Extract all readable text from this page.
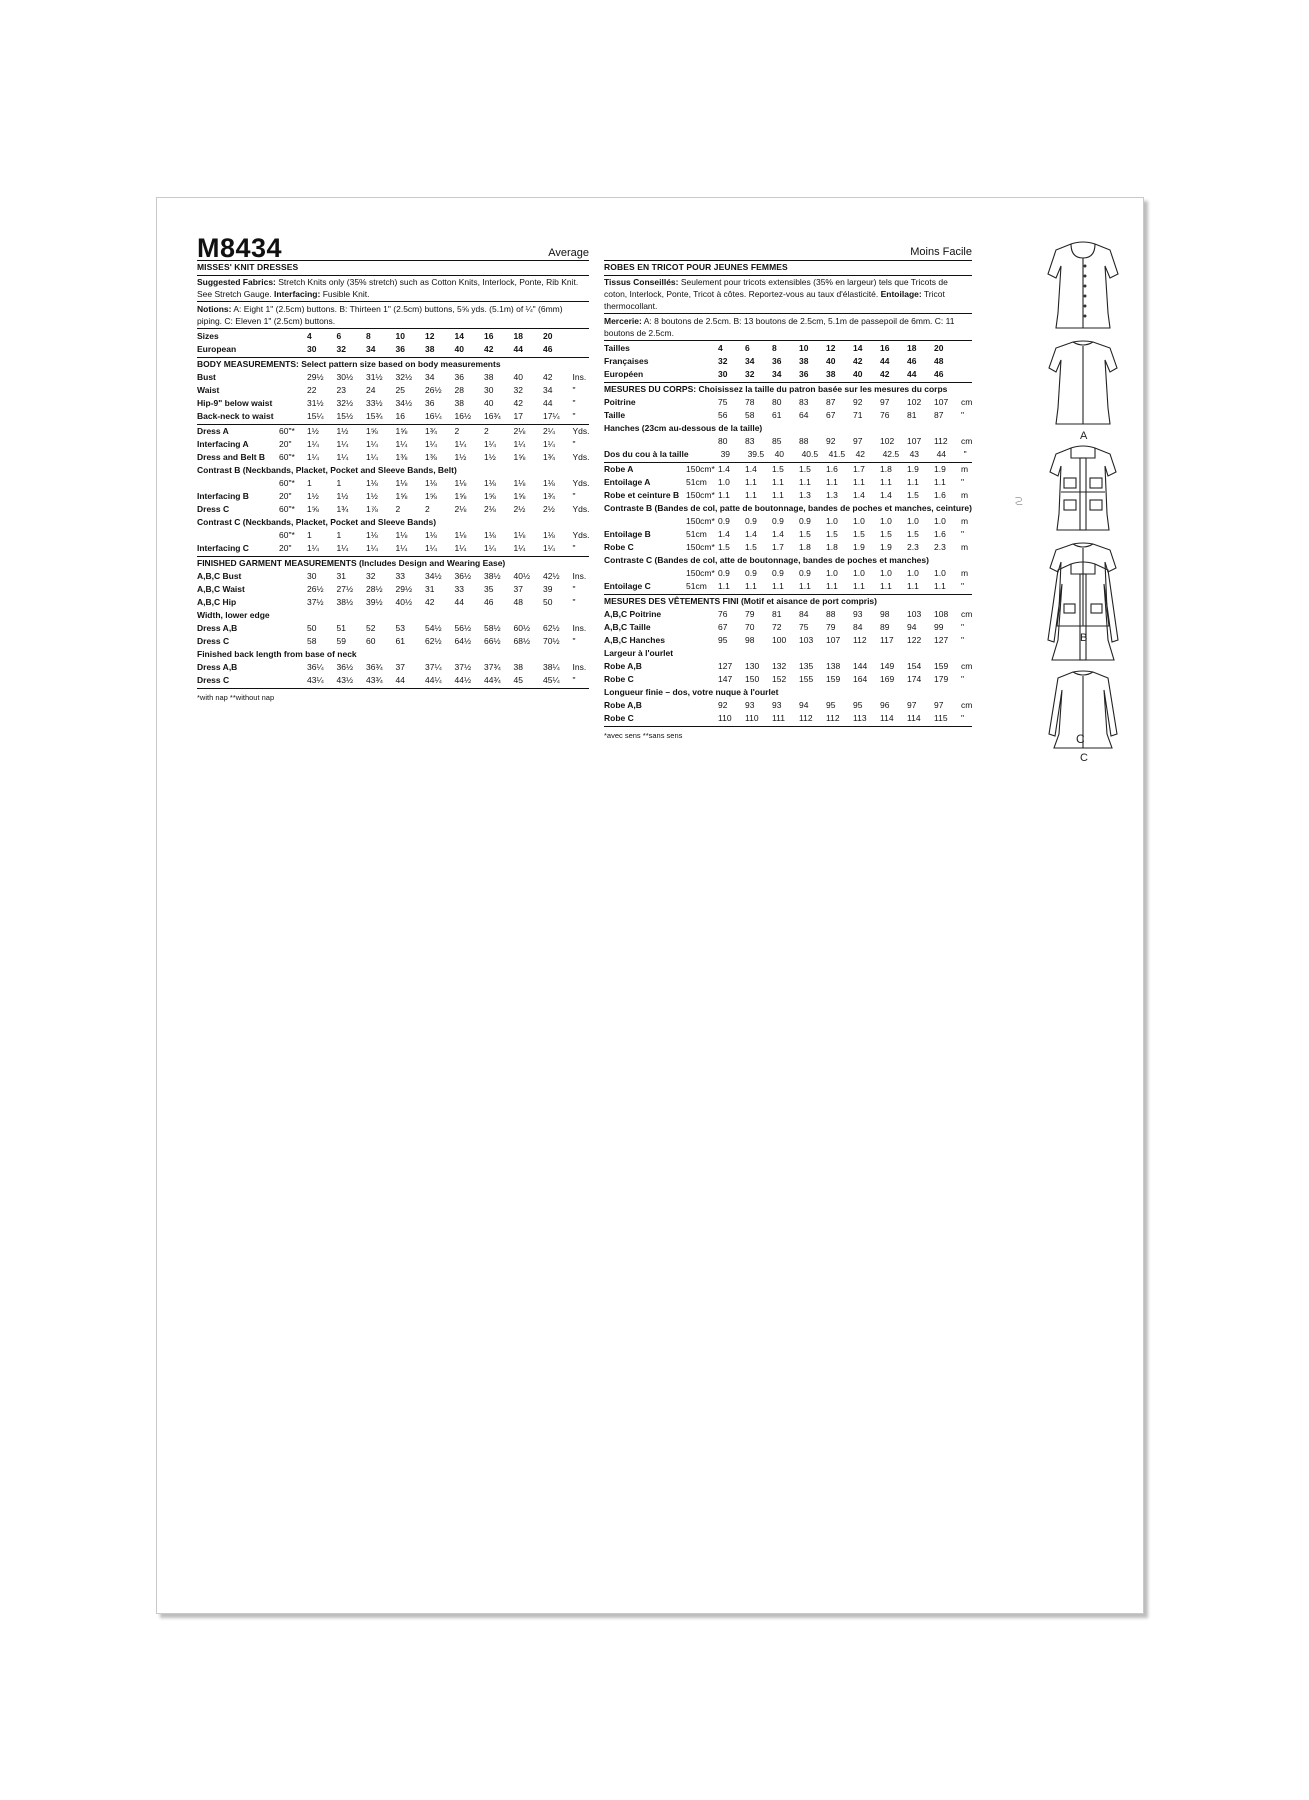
M8434	Average
MISSES' KNIT DRESSES
Suggested Fabrics: Stretch Knits only (35% stretch) such as Cotton Knits, Interlock, Ponte, Rib Knit. See Stretch Gauge. Interfacing: Fusible Knit.
Notions: A: Eight 1" (2.5cm) buttons. B: Thirteen 1" (2.5cm) buttons, 5⅝ yds. (5.1m) of ¼" (6mm) piping. C: Eleven 1" (2.5cm) buttons.
Sizes	4	6	8	10	12	14	16	18	20
European	30	32	34	36	38	40	42	44	46
BODY MEASUREMENTS: Select pattern size based on body measurements
Bust	29½	30½	31½	32½	34	36	38	40	42	Ins.
Waist	22	23	24	25	26½	28	30	32	34	"
Hip-9" below waist	31½	32½	33½	34½	36	38	40	42	44	"
Back-neck to waist	15¼	15½	15¾	16	16¼	16½	16¾	17	17¼	"
Dress A	60"*	1½	1½	1⅝	1⅝	1¾	2	2	2⅛	2¼	Yds.
Interfacing A	20"	1¼	1¼	1¼	1¼	1¼	1¼	1¼	1¼	1¼	"
Dress and Belt B	60"*	1¼	1¼	1¼	1⅜	1⅜	1½	1½	1⅝	1¾	Yds.
Contrast B (Neckbands, Placket, Pocket and Sleeve Bands, Belt)
60"*	1	1	1⅛	1⅛	1⅛	1⅛	1⅛	1⅛	1⅛	Yds.
Interfacing B	20"	1½	1½	1½	1⅝	1⅝	1⅝	1⅝	1⅝	1¾	"
Dress C	60"*	1⅝	1¾	1⅞	2	2	2⅛	2⅛	2½	2½	Yds.
Contrast C (Neckbands, Placket, Pocket and Sleeve Bands)
60"*	1	1	1⅛	1⅛	1⅛	1⅛	1⅛	1⅛	1⅛	Yds.
Interfacing C	20"	1¼	1¼	1¼	1¼	1¼	1¼	1¼	1¼	1¼	"
FINISHED GARMENT MEASUREMENTS (Includes Design and Wearing Ease)
A,B,C Bust	30	31	32	33	34½	36½	38½	40½	42½	Ins.
A,B,C Waist	26½	27½	28½	29½	31	33	35	37	39	"
A,B,C Hip	37½	38½	39½	40½	42	44	46	48	50	"
Width, lower edge
Dress A,B	50	51	52	53	54½	56½	58½	60½	62½	Ins.
Dress C	58	59	60	61	62½	64½	66½	68½	70½	"
Finished back length from base of neck
Dress A,B	36¼	36½	36¾	37	37¼	37½	37¾	38	38¼	Ins.
Dress C	43¼	43½	43¾	44	44¼	44½	44¾	45	45¼	"
*with nap **without nap
Moins Facile
ROBES EN TRICOT POUR JEUNES FEMMES
Tissus Conseillés: Seulement pour tricots extensibles (35% en largeur) tels que Tricots de coton, Interlock, Ponte, Tricot à côtes. Reportez-vous au taux d'élasticité. Entoilage: Tricot thermocollant.
Mercerie: A: 8 boutons de 2.5cm. B: 13 boutons de 2.5cm, 5.1m de passepoil de 6mm. C: 11 boutons de 2.5cm.
Tailles	4	6	8	10	12	14	16	18	20
Françaises	32	34	36	38	40	42	44	46	48
Européen	30	32	34	36	38	40	42	44	46
MESURES DU CORPS: Choisissez la taille du patron basée sur les mesures du corps
Poitrine	75	78	80	83	87	92	97	102	107	cm
Taille	56	58	61	64	67	71	76	81	87	"
Hanches (23cm au-dessous de la taille)
80	83	85	88	92	97	102	107	112	cm
Dos du cou à la taille	39	39.5	40	40.5	41.5	42	42.5	43	44	"
Robe A	150cm* 1.4	1.4	1.5	1.5	1.6	1.7	1.8	1.9	1.9	m
Entoilage A	51cm	1.0	1.1	1.1	1.1	1.1	1.1	1.1	1.1	1.1	"
Robe et ceinture B 150cm* 1.1	1.1	1.1	1.3	1.3	1.4	1.4	1.5	1.6	m
Contraste B (Bandes de col, patte de boutonnage, bandes de poches et manches, ceinture)
150cm* 0.9	0.9	0.9	0.9	1.0	1.0	1.0	1.0	1.0	m
Entoilage B	51cm	1.4	1.4	1.4	1.5	1.5	1.5	1.5	1.5	1.6	"
Robe C	150cm* 1.5	1.5	1.7	1.8	1.8	1.9	1.9	2.3	2.3	m
Contraste C (Bandes de col, atte de boutonnage, bandes de poches et manches)
150cm* 0.9	0.9	0.9	0.9	1.0	1.0	1.0	1.0	1.0	m
Entoilage C	51cm	1.1	1.1	1.1	1.1	1.1	1.1	1.1	1.1	1.1	"
MESURES DES VÊTEMENTS FINI (Motif et aisance de port compris)
A,B,C Poitrine	76	79	81	84	88	93	98	103	108	cm
A,B,C Taille	67	70	72	75	79	84	89	94	99	"
A,B,C Hanches	95	98	100	103	107	112	117	122	127	"
Largeur à l'ourlet
Robe A,B	127	130	132	135	138	144	149	154	159	cm
Robe C	147	150	152	155	159	164	169	174	179	"
Longueur finie – dos, votre nuque à l'ourlet
Robe A,B	92	93	93	94	95	95	96	97	97	cm
Robe C	110	110	111	112	112	113	114	114	115	"
*avec sens **sans sens
A
B
C
C
